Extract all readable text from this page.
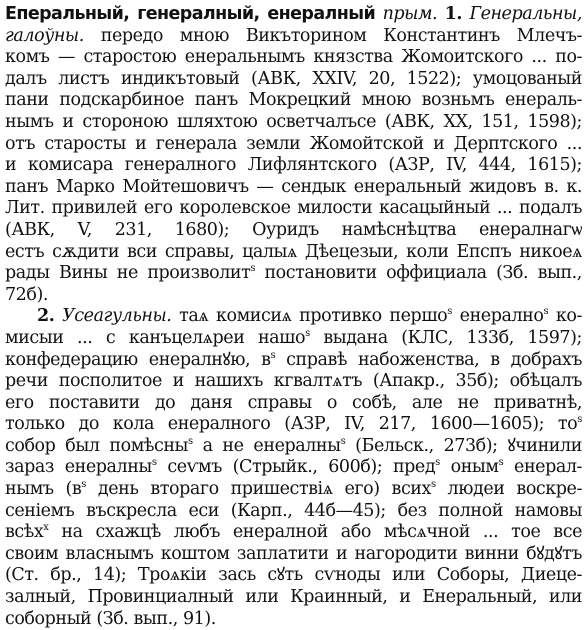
Еперальный, генералный, енералный прым. 1. Генеральны,
галоўны. передо мною Викъторином Константинъ Млечъ-
комъ — старостою енеральнымъ князства Жомоитского ... по-
далъ листъ индикътовый (АВК, XXIV, 20, 1522); умоцованый
пани подскарбиное панъ Мокрецкий мною возньмъ енераль-
нымъ и стороною шляхтою осветчалъсе (АВК, XX, 151, 1598);
отъ старосты и генерала земли Жомойтской и Дерптского ...
и комисара генералного Лифлянтского (АЗР, IV, 444, 1615);
панъ Марко Мойтешовичъ — сендык енеральный жидовъ в. к.
Лит. привилей его королевское милости касацыйный ... подалъ
(АВК, V, 231, 1680); Оуридъ намѣснѣцтва енералнагѡ
естъ сѫдити вси справы, цалыѧ Дѣецезыи, коли Епспъ никоеѧ
рады Вины не произволит$^s$ постановити оффициала (Зб. вып.,
72б).
2. Усеагульны. таѧ комисиѧ противко першо$^s$ енерално$^s$ ко-
мисыи ... с канъцелѧреи нашо$^s$ выдана (КЛС, 133б, 1597);
конфедерацию енералнꙋю, $в^s$ справѣ набоженства, в добрахъ
речи посполитое и нашихъ кгвалтѧтъ (Апакр., 35б); обѣцалъ
его поставити до даня справы о собѣ, але не приватнѣ,
только до кола енералного (АЗР, IV, 217, 1600—1605); $то^s$
собор был помѣсны$^s$ а не енералны$^s$ (Бельск., 273б); ꙋчинили
зараз енералны$^s$ сеѵмъ (Стрыйк., 600б); пред$^s$ оным$^s$ енерал-
нымъ ($в^s$ день втораго пришествіѧ его) всих$^s$ людеи воскре-
сенiемъ въскресла еси (Карп., 44б—45); без полной намовы
всѣх$^х$ на схажцѣ любъ енералной або мѣсѧчной ... тое все
своим власнымъ коштом заплатити и нагородити винни бꙋдꙋтъ
(Ст. бр., 14); Троѧкiи зась сꙋть сѵноды или Соборы, Диеце-
залный, Провинциалный или Краинный, и Енеральный, или
соборный (Зб. вып., 91).
